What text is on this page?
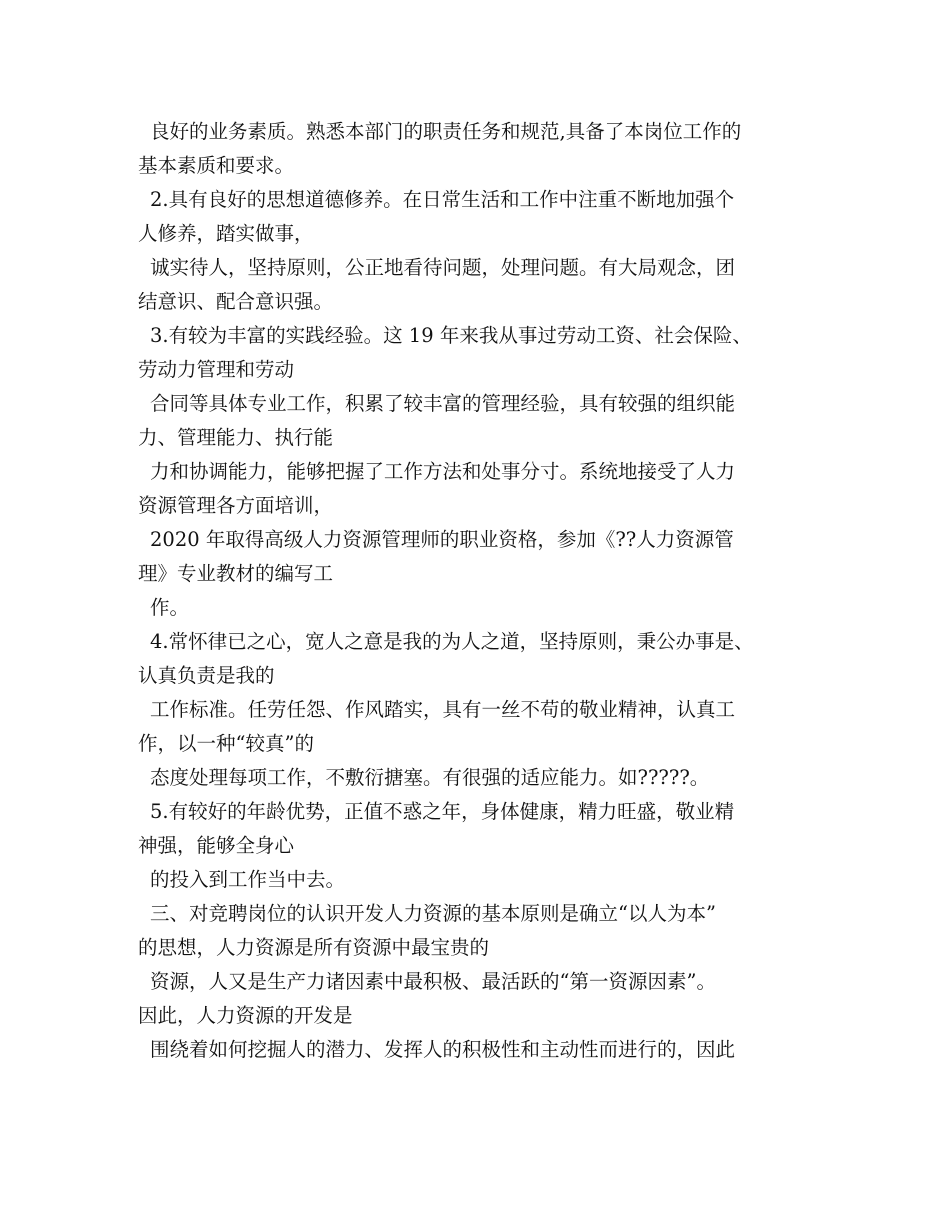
良好的业务素质。熟悉本部门的职责任务和规范,具备了本岗位工作的
基本素质和要求。
2.具有良好的思想道德修养。在日常生活和工作中注重不断地加强个
人修养，踏实做事，
诚实待人，坚持原则，公正地看待问题，处理问题。有大局观念，团
结意识、配合意识强。
3.有较为丰富的实践经验。这 19 年来我从事过劳动工资、社会保险、
劳动力管理和劳动
合同等具体专业工作，积累了较丰富的管理经验，具有较强的组织能
力、管理能力、执行能
力和协调能力，能够把握了工作方法和处事分寸。系统地接受了人力
资源管理各方面培训，
2020 年取得高级人力资源管理师的职业资格，参加《??人力资源管
理》专业教材的编写工
作。
4.常怀律已之心，宽人之意是我的为人之道，坚持原则，秉公办事是、
认真负责是我的
工作标准。任劳任怨、作风踏实，具有一丝不苟的敬业精神，认真工
作，以一种“较真”的
态度处理每项工作，不敷衍搪塞。有很强的适应能力。如?????。
5.有较好的年龄优势，正值不惑之年，身体健康，精力旺盛，敬业精
神强，能够全身心
的投入到工作当中去。
三、对竞聘岗位的认识开发人力资源的基本原则是确立“以人为本”
的思想，人力资源是所有资源中最宝贵的
资源，人又是生产力诸因素中最积极、最活跃的“第一资源因素”。
因此，人力资源的开发是
围绕着如何挖掘人的潜力、发挥人的积极性和主动性而进行的，因此
